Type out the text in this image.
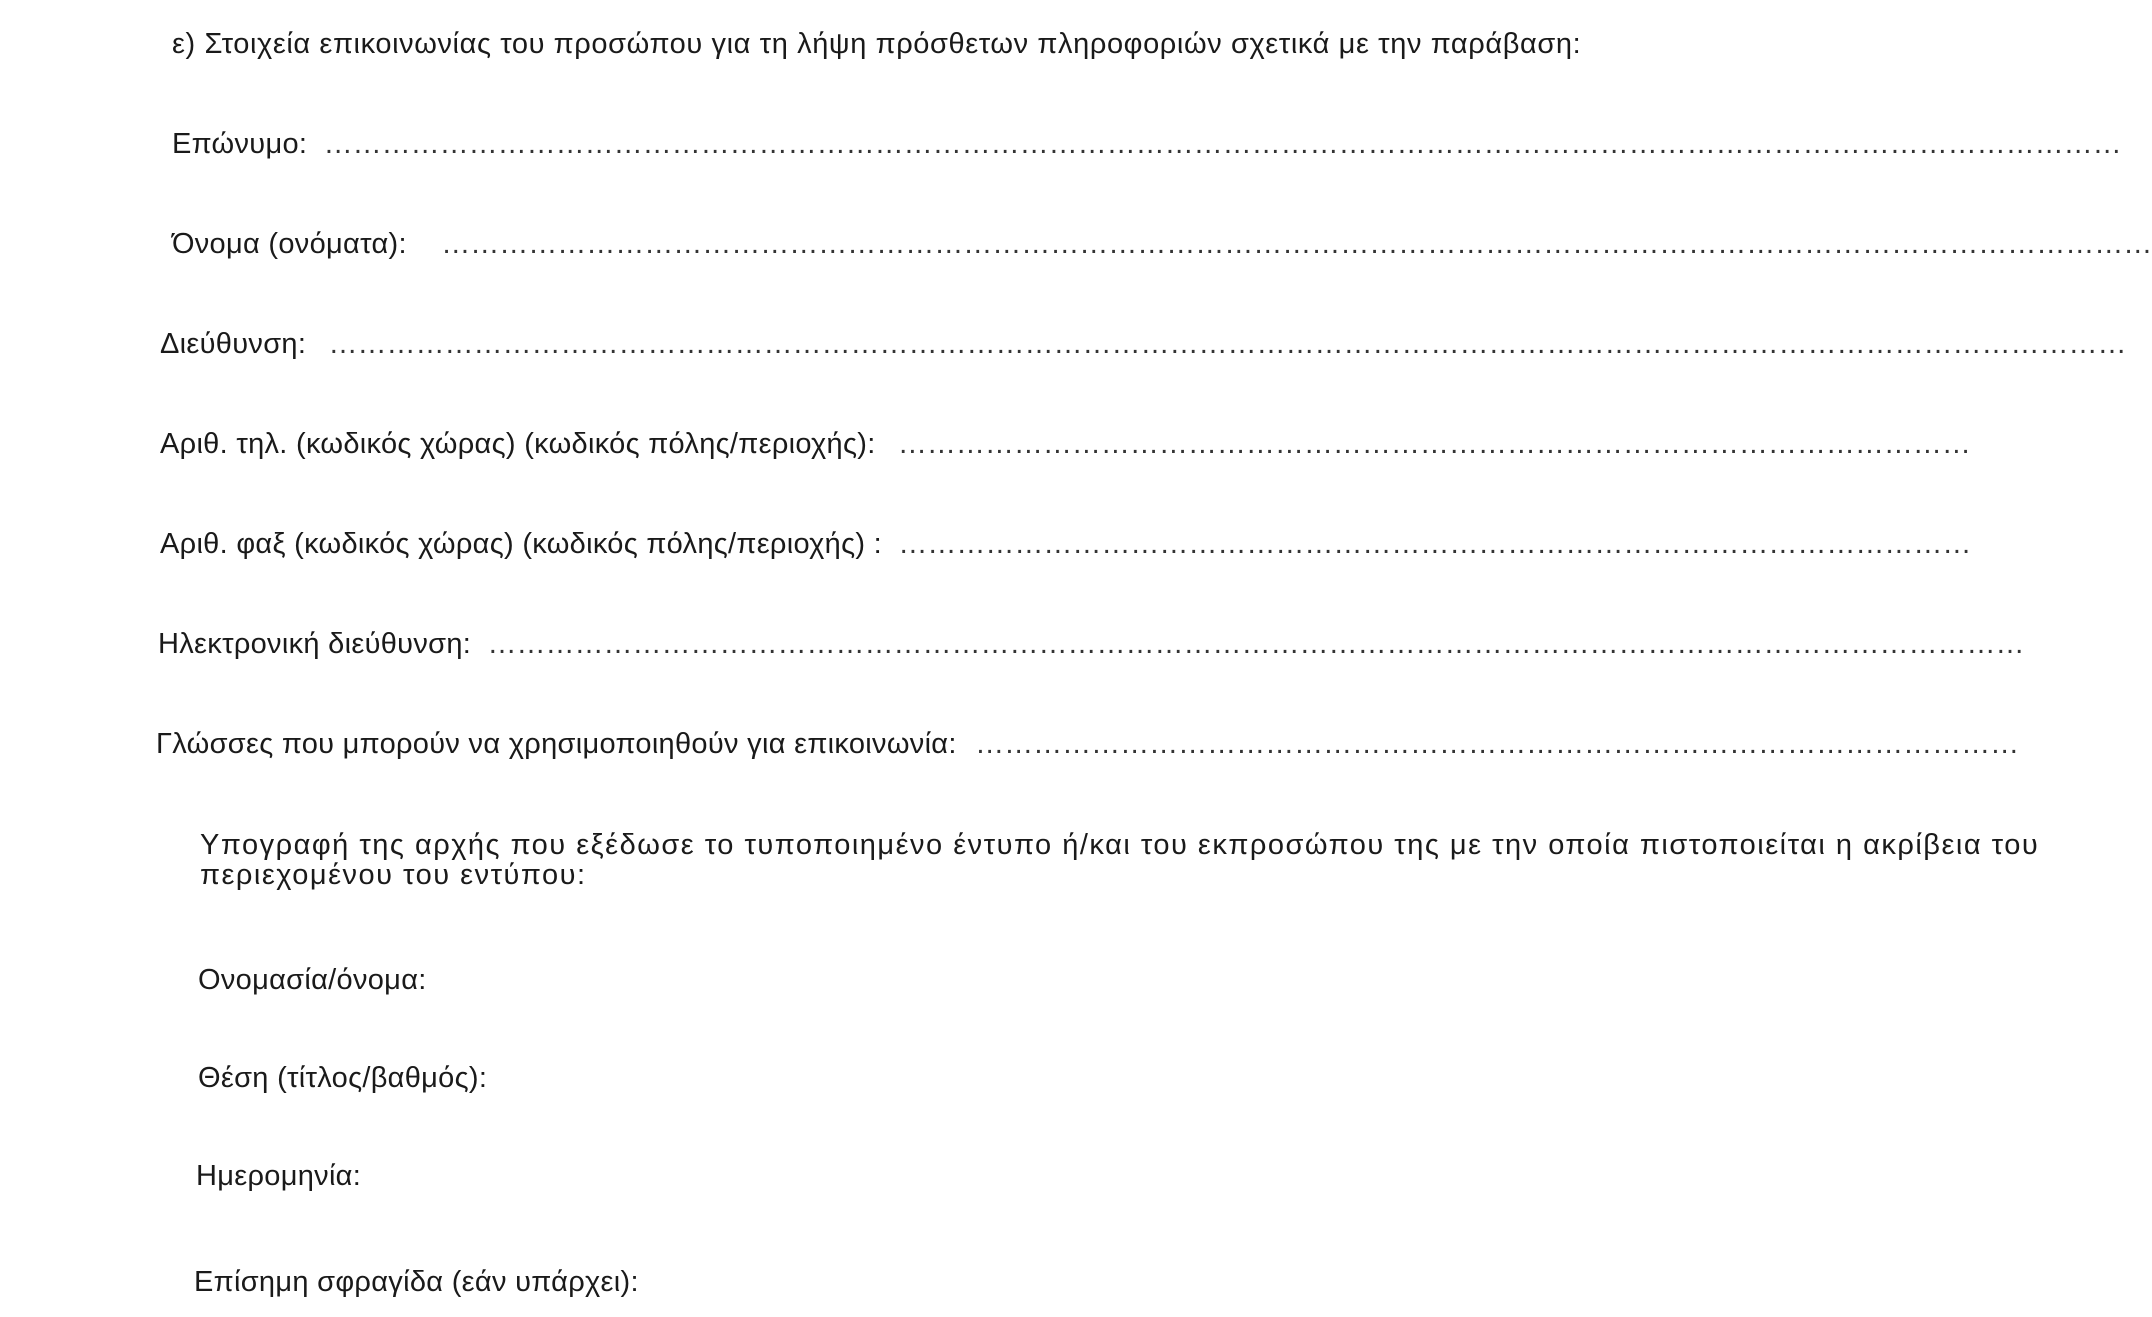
ε) Στοιχεία επικοινωνίας του προσώπου για τη λήψη πρόσθετων πληροφοριών σχετικά με την παράβαση:
Επώνυμο: ……………………………………………………………………………………………………………………………………………………………………
Όνομα (ονόματα): ……………………………………………………………………………………………………………………………………………………………
Διεύθυνση: ……………………………………………………………………………………………………………………………………………………………………
Αριθ. τηλ. (κωδικός χώρας) (κωδικός πόλης/περιοχής): …………………………………………………………………………………………………
Αριθ. φαξ (κωδικός χώρας) (κωδικός πόλης/περιοχής) : …………………………………………………………………………………………………
Ηλεκτρονική διεύθυνση: ……………………………………………………………………………………………………………………………………………
Γλώσσες που μπορούν να χρησιμοποιηθούν για επικοινωνία: ………………………………………………………………………………………………
Υπογραφή της αρχής που εξέδωσε το τυποποιημένο έντυπο ή/και του εκπροσώπου της με την οποία πιστοποιείται η ακρίβεια του περιεχομένου του εντύπου:
Ονομασία/όνομα:
Θέση (τίτλος/βαθμός):
Ημερομηνία:
Επίσημη σφραγίδα (εάν υπάρχει):
